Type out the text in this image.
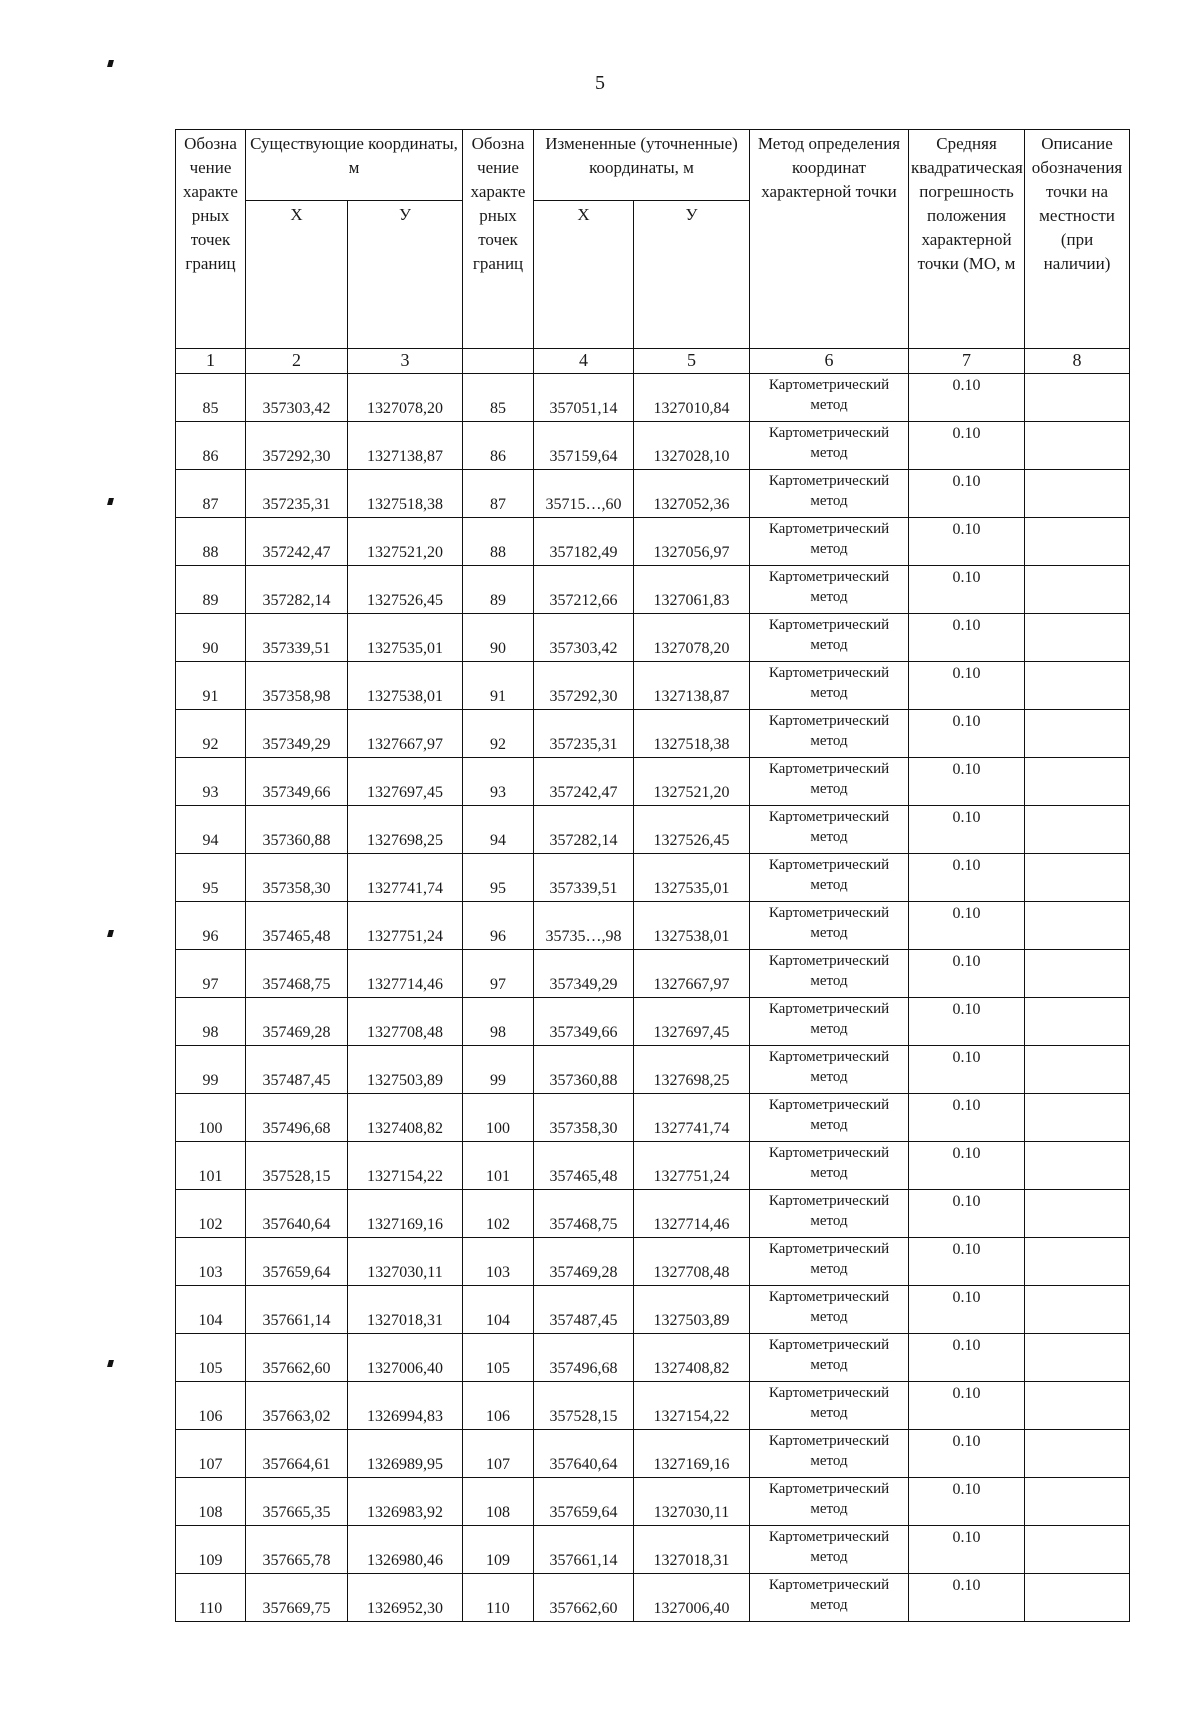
5
Обозна чение характе рных точек границ	Существующие координаты, м		Обозна чение характе рных точек границ	Измененные (уточненные) координаты, м		Метод определения координат характерной точки	Средняя квадратическая погрешность положения характерной точки (МО, м	Описание обозначения точки на местности (при наличии)

	Х	У		Х	У			

1	2	3		4	5	6	7	8
85	357303,42	1327078,20	85	357051,14	1327010,84	Картометрический метод	0.10	
86	357292,30	1327138,87	86	357159,64	1327028,10	Картометрический метод	0.10	
87	357235,31	1327518,38	87	35715…,60	1327052,36	Картометрический метод	0.10	
88	357242,47	1327521,20	88	357182,49	1327056,97	Картометрический метод	0.10	
89	357282,14	1327526,45	89	357212,66	1327061,83	Картометрический метод	0.10	
90	357339,51	1327535,01	90	357303,42	1327078,20	Картометрический метод	0.10	
91	357358,98	1327538,01	91	357292,30	1327138,87	Картометрический метод	0.10	
92	357349,29	1327667,97	92	357235,31	1327518,38	Картометрический метод	0.10	
93	357349,66	1327697,45	93	357242,47	1327521,20	Картометрический метод	0.10	
94	357360,88	1327698,25	94	357282,14	1327526,45	Картометрический метод	0.10	
95	357358,30	1327741,74	95	357339,51	1327535,01	Картометрический метод	0.10	
96	357465,48	1327751,24	96	35735…,98	1327538,01	Картометрический метод	0.10	
97	357468,75	1327714,46	97	357349,29	1327667,97	Картометрический метод	0.10	
98	357469,28	1327708,48	98	357349,66	1327697,45	Картометрический метод	0.10	
99	357487,45	1327503,89	99	357360,88	1327698,25	Картометрический метод	0.10	
100	357496,68	1327408,82	100	357358,30	1327741,74	Картометрический метод	0.10	
101	357528,15	1327154,22	101	357465,48	1327751,24	Картометрический метод	0.10	
102	357640,64	1327169,16	102	357468,75	1327714,46	Картометрический метод	0.10	
103	357659,64	1327030,11	103	357469,28	1327708,48	Картометрический метод	0.10	
104	357661,14	1327018,31	104	357487,45	1327503,89	Картометрический метод	0.10	
105	357662,60	1327006,40	105	357496,68	1327408,82	Картометрический метод	0.10	
106	357663,02	1326994,83	106	357528,15	1327154,22	Картометрический метод	0.10	
107	357664,61	1326989,95	107	357640,64	1327169,16	Картометрический метод	0.10	
108	357665,35	1326983,92	108	357659,64	1327030,11	Картометрический метод	0.10	
109	357665,78	1326980,46	109	357661,14	1327018,31	Картометрический метод	0.10	
110	357669,75	1326952,30	110	357662,60	1327006,40	Картометрический метод	0.10	
